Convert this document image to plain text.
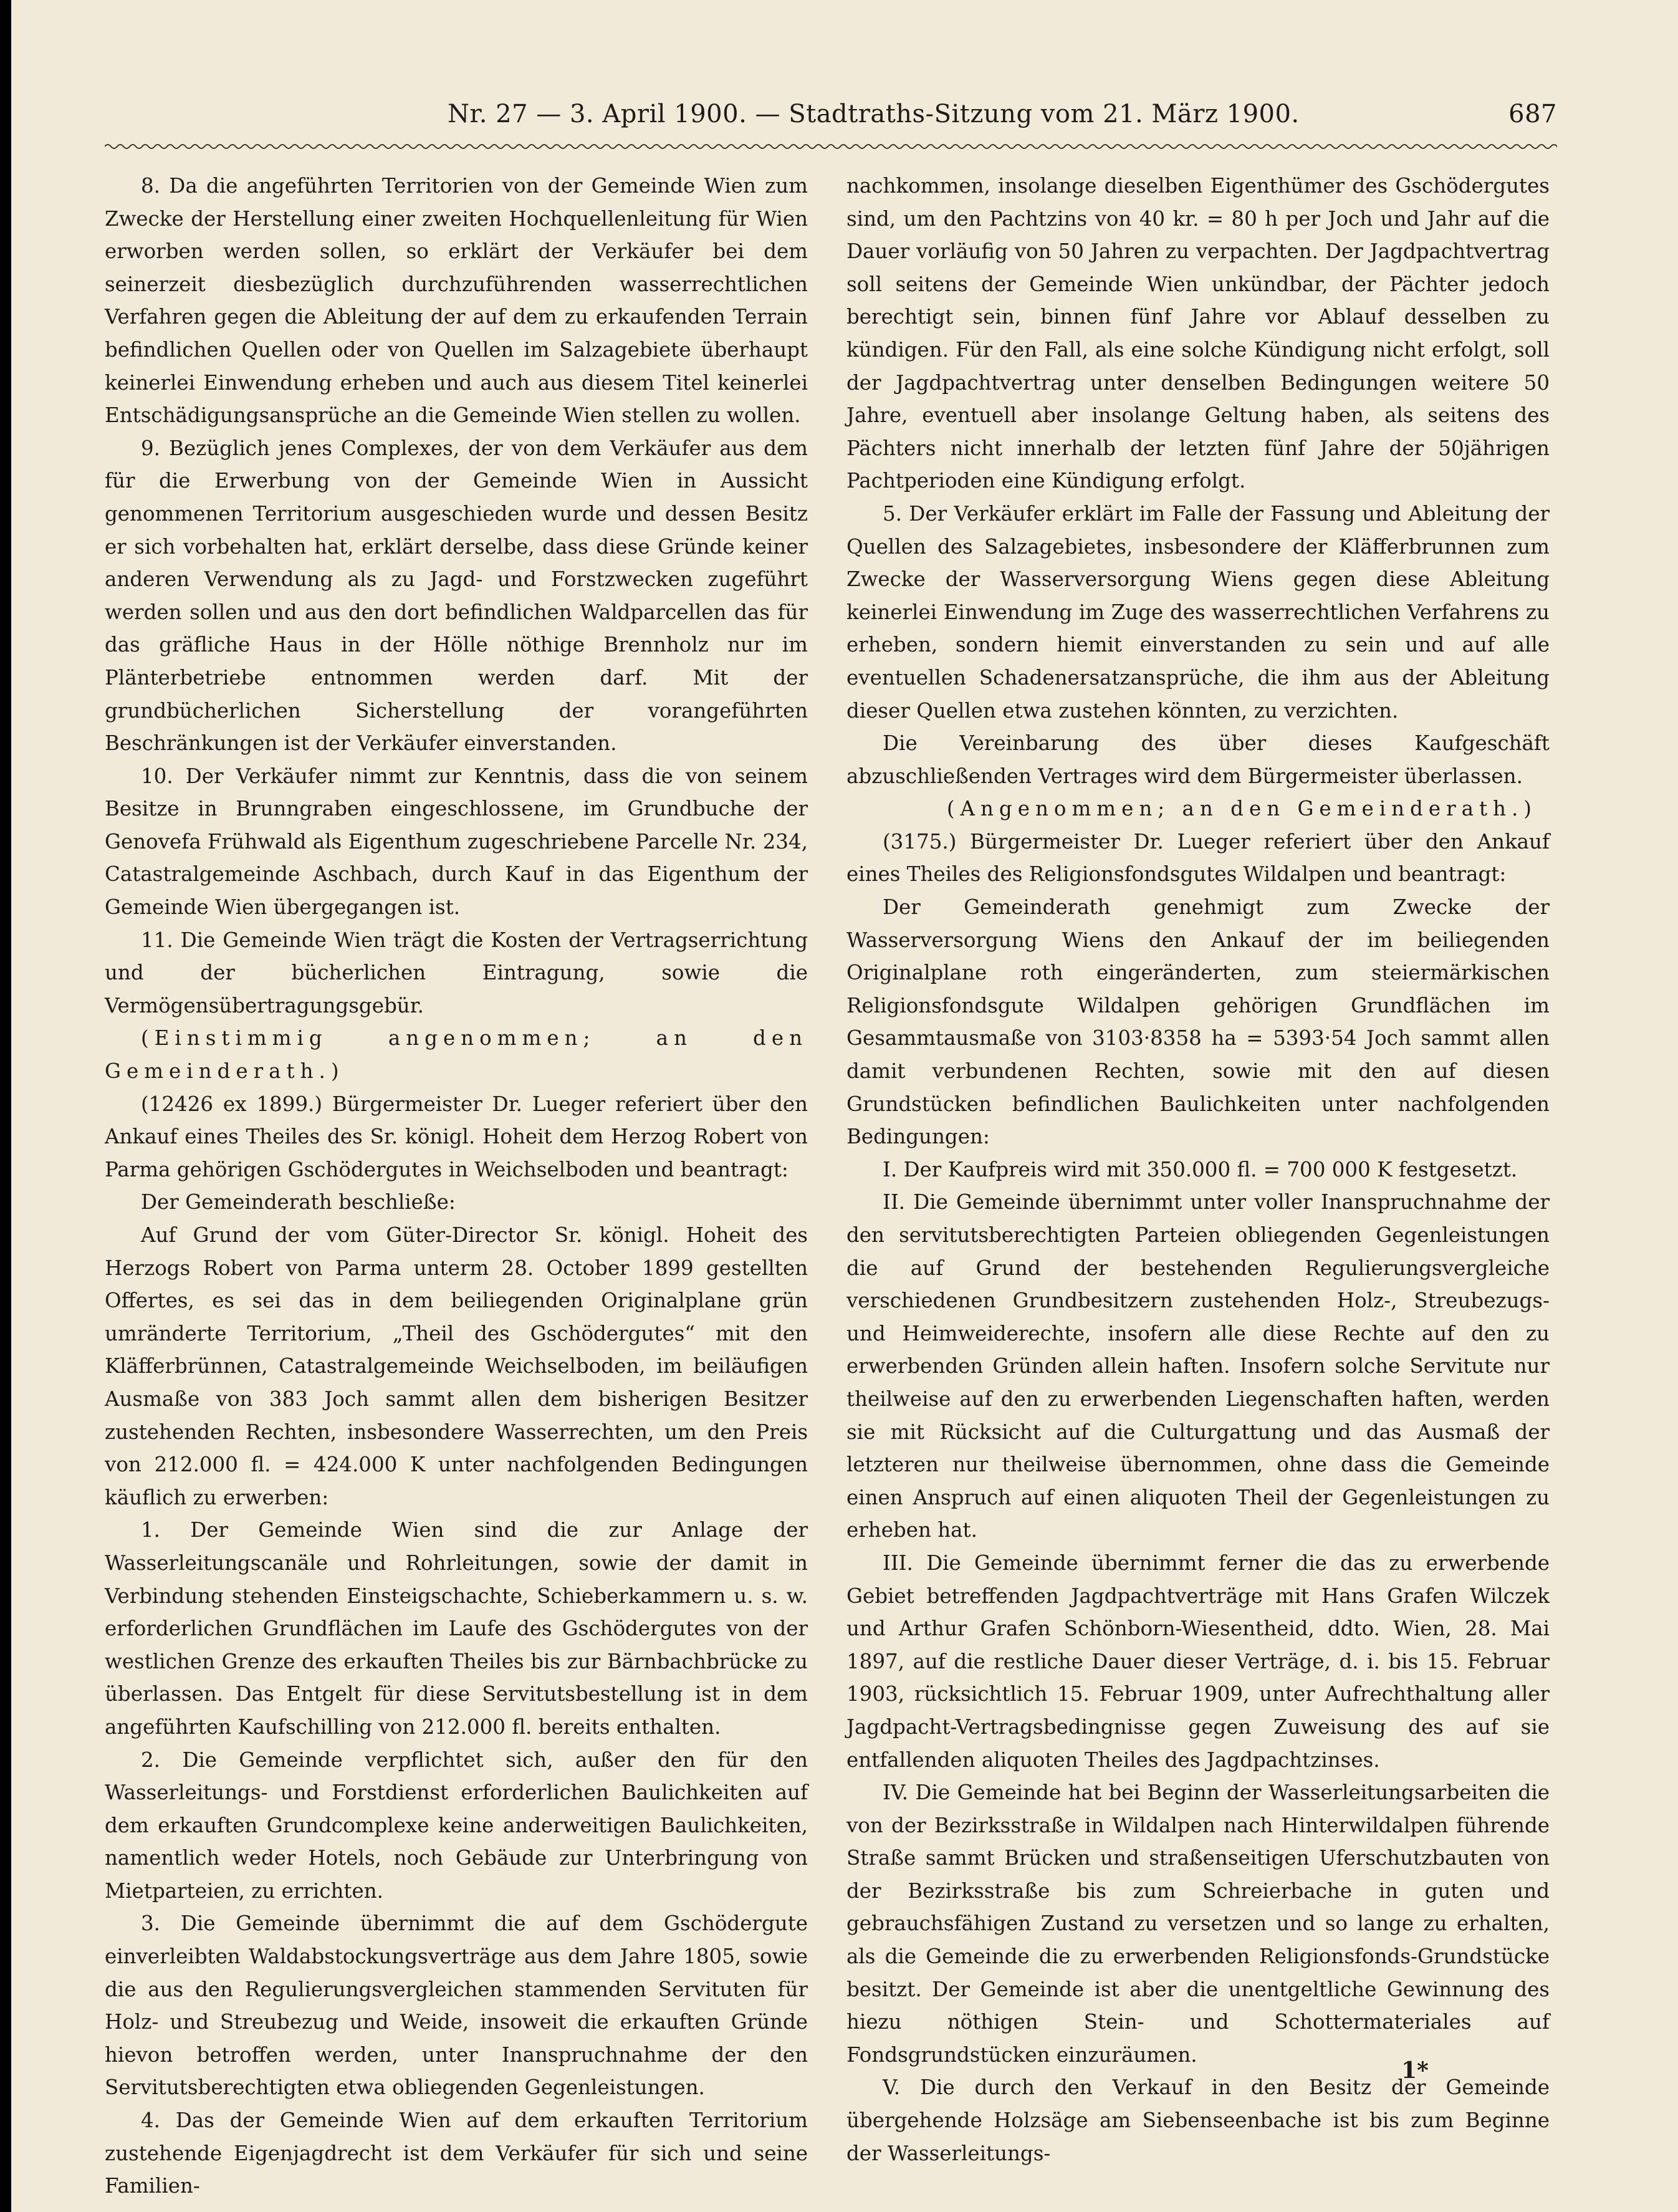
Nr. 27 — 3. April 1900. — Stadtraths-Sitzung vom 21. März 1900.	687

8. Da die angeführten Territorien von der Gemeinde Wien zum Zwecke der Herstellung einer zweiten Hochquellenleitung für Wien erworben werden sollen, so erklärt der Verkäufer bei dem seinerzeit diesbezüglich durchzuführenden wasserrechtlichen Verfahren gegen die Ableitung der auf dem zu erkaufenden Terrain befindlichen Quellen oder von Quellen im Salzagebiete überhaupt keinerlei Einwendung erheben und auch aus diesem Titel keinerlei Entschädigungsansprüche an die Gemeinde Wien stellen zu wollen.

9. Bezüglich jenes Complexes, der von dem Verkäufer aus dem für die Erwerbung von der Gemeinde Wien in Aussicht genommenen Territorium ausgeschieden wurde und dessen Besitz er sich vorbehalten hat, erklärt derselbe, dass diese Gründe keiner anderen Verwendung als zu Jagd- und Forstzwecken zugeführt werden sollen und aus den dort befindlichen Waldparcellen das für das gräfliche Haus in der Hölle nöthige Brennholz nur im Plänterbetriebe entnommen werden darf. Mit der grundbücherlichen Sicherstellung der vorangeführten Beschränkungen ist der Verkäufer einverstanden.

10. Der Verkäufer nimmt zur Kenntnis, dass die von seinem Besitze in Brunngraben eingeschlossene, im Grundbuche der Genovefa Frühwald als Eigenthum zugeschriebene Parcelle Nr. 234, Catastralgemeinde Aschbach, durch Kauf in das Eigenthum der Gemeinde Wien übergegangen ist.

11. Die Gemeinde Wien trägt die Kosten der Vertragserrichtung und der bücherlichen Eintragung, sowie die Vermögensübertragungsgebür.

(Einstimmig angenommen; an den Gemeinderath.)

(12426 ex 1899.) Bürgermeister Dr. Lueger referiert über den Ankauf eines Theiles des Sr. königl. Hoheit dem Herzog Robert von Parma gehörigen Gschödergutes in Weichselboden und beantragt:

Der Gemeinderath beschließe:

Auf Grund der vom Güter-Director Sr. königl. Hoheit des Herzogs Robert von Parma unterm 28. October 1899 gestellten Offertes, es sei das in dem beiliegenden Originalplane grün umränderte Territorium, „Theil des Gschödergutes“ mit den Kläfferbrünnen, Catastralgemeinde Weichselboden, im beiläufigen Ausmaße von 383 Joch sammt allen dem bisherigen Besitzer zustehenden Rechten, insbesondere Wasserrechten, um den Preis von 212.000 fl. = 424.000 K unter nachfolgenden Bedingungen käuflich zu erwerben:

1. Der Gemeinde Wien sind die zur Anlage der Wasserleitungscanäle und Rohrleitungen, sowie der damit in Verbindung stehenden Einsteigschachte, Schieberkammern u. s. w. erforderlichen Grundflächen im Laufe des Gschödergutes von der westlichen Grenze des erkauften Theiles bis zur Bärnbachbrücke zu überlassen. Das Entgelt für diese Servitutsbestellung ist in dem angeführten Kaufschilling von 212.000 fl. bereits enthalten.

2. Die Gemeinde verpflichtet sich, außer den für den Wasserleitungs- und Forstdienst erforderlichen Baulichkeiten auf dem erkauften Grundcomplexe keine anderweitigen Baulichkeiten, namentlich weder Hotels, noch Gebäude zur Unterbringung von Mietparteien, zu errichten.

3. Die Gemeinde übernimmt die auf dem Gschödergute einverleibten Waldabstockungsverträge aus dem Jahre 1805, sowie die aus den Regulierungsvergleichen stammenden Servituten für Holz- und Streubezug und Weide, insoweit die erkauften Gründe hievon betroffen werden, unter Inanspruchnahme der den Servitutsberechtigten etwa obliegenden Gegenleistungen.

4. Das der Gemeinde Wien auf dem erkauften Territorium zustehende Eigenjagdrecht ist dem Verkäufer für sich und seine Familien-

nachkommen, insolange dieselben Eigenthümer des Gschödergutes sind, um den Pachtzins von 40 kr. = 80 h per Joch und Jahr auf die Dauer vorläufig von 50 Jahren zu verpachten. Der Jagdpachtvertrag soll seitens der Gemeinde Wien unkündbar, der Pächter jedoch berechtigt sein, binnen fünf Jahre vor Ablauf desselben zu kündigen. Für den Fall, als eine solche Kündigung nicht erfolgt, soll der Jagdpachtvertrag unter denselben Bedingungen weitere 50 Jahre, eventuell aber insolange Geltung haben, als seitens des Pächters nicht innerhalb der letzten fünf Jahre der 50jährigen Pachtperioden eine Kündigung erfolgt.

5. Der Verkäufer erklärt im Falle der Fassung und Ableitung der Quellen des Salzagebietes, insbesondere der Kläfferbrunnen zum Zwecke der Wasserversorgung Wiens gegen diese Ableitung keinerlei Einwendung im Zuge des wasserrechtlichen Verfahrens zu erheben, sondern hiemit einverstanden zu sein und auf alle eventuellen Schadenersatzansprüche, die ihm aus der Ableitung dieser Quellen etwa zustehen könnten, zu verzichten.

Die Vereinbarung des über dieses Kaufgeschäft abzuschließenden Vertrages wird dem Bürgermeister überlassen.

(Angenommen; an den Gemeinderath.)

(3175.) Bürgermeister Dr. Lueger referiert über den Ankauf eines Theiles des Religionsfondsgutes Wildalpen und beantragt:

Der Gemeinderath genehmigt zum Zwecke der Wasserversorgung Wiens den Ankauf der im beiliegenden Originalplane roth eingeränderten, zum steiermärkischen Religionsfondsgute Wildalpen gehörigen Grundflächen im Gesammtausmaße von 3103·8358 ha = 5393·54 Joch sammt allen damit verbundenen Rechten, sowie mit den auf diesen Grundstücken befindlichen Baulichkeiten unter nachfolgenden Bedingungen:

I. Der Kaufpreis wird mit 350.000 fl. = 700 000 K festgesetzt.

II. Die Gemeinde übernimmt unter voller Inanspruchnahme der den servitutsberechtigten Parteien obliegenden Gegenleistungen die auf Grund der bestehenden Regulierungsvergleiche verschiedenen Grundbesitzern zustehenden Holz-, Streubezugs- und Heimweiderechte, insofern alle diese Rechte auf den zu erwerbenden Gründen allein haften. Insofern solche Servitute nur theilweise auf den zu erwerbenden Liegenschaften haften, werden sie mit Rücksicht auf die Culturgattung und das Ausmaß der letzteren nur theilweise übernommen, ohne dass die Gemeinde einen Anspruch auf einen aliquoten Theil der Gegenleistungen zu erheben hat.

III. Die Gemeinde übernimmt ferner die das zu erwerbende Gebiet betreffenden Jagdpachtverträge mit Hans Grafen Wilczek und Arthur Grafen Schönborn-Wiesentheid, ddto. Wien, 28. Mai 1897, auf die restliche Dauer dieser Verträge, d. i. bis 15. Februar 1903, rücksichtlich 15. Februar 1909, unter Aufrechthaltung aller Jagdpacht-Vertragsbedingnisse gegen Zuweisung des auf sie entfallenden aliquoten Theiles des Jagdpachtzinses.

IV. Die Gemeinde hat bei Beginn der Wasserleitungsarbeiten die von der Bezirksstraße in Wildalpen nach Hinterwildalpen führende Straße sammt Brücken und straßenseitigen Uferschutzbauten von der Bezirksstraße bis zum Schreierbache in guten und gebrauchsfähigen Zustand zu versetzen und so lange zu erhalten, als die Gemeinde die zu erwerbenden Religionsfonds-Grundstücke besitzt. Der Gemeinde ist aber die unentgeltliche Gewinnung des hiezu nöthigen Stein- und Schottermateriales auf Fondsgrundstücken einzuräumen.

V. Die durch den Verkauf in den Besitz der Gemeinde übergehende Holzsäge am Siebenseenbache ist bis zum Beginne der Wasserleitungs-

1*
